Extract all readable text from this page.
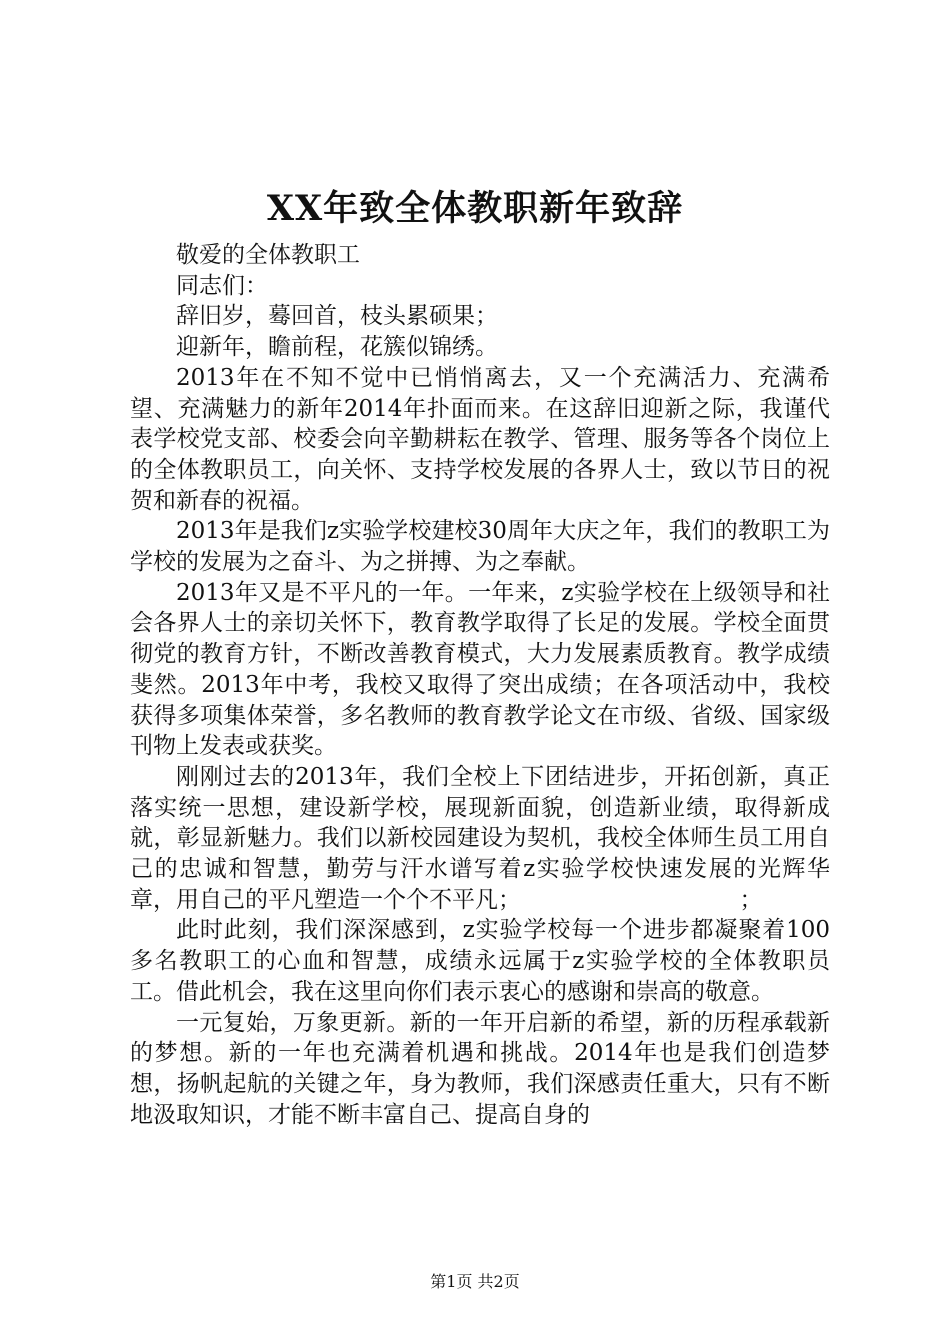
XX年致全体教职新年致辞

敬爱的全体教职工

同志们：

辞旧岁，蓦回首，枝头累硕果；

迎新年，瞻前程，花簇似锦绣。

2013年在不知不觉中已悄悄离去，又一个充满活力、充满希望、充满魅力的新年2014年扑面而来。在这辞旧迎新之际，我谨代表学校党支部、校委会向辛勤耕耘在教学、管理、服务等各个岗位上的全体教职员工，向关怀、支持学校发展的各界人士，致以节日的祝贺和新春的祝福。

2013年是我们z实验学校建校30周年大庆之年，我们的教职工为学校的发展为之奋斗、为之拼搏、为之奉献。

2013年又是不平凡的一年。一年来，z实验学校在上级领导和社会各界人士的亲切关怀下，教育教学取得了长足的发展。学校全面贯彻党的教育方针，不断改善教育模式，大力发展素质教育。教学成绩斐然。2013年中考，我校又取得了突出成绩；在各项活动中，我校获得多项集体荣誉，多名教师的教育教学论文在市级、省级、国家级刊物上发表或获奖。

刚刚过去的2013年，我们全校上下团结进步，开拓创新，真正落实统一思想，建设新学校，展现新面貌，创造新业绩，取得新成就，彰显新魅力。我们以新校园建设为契机，我校全体师生员工用自己的忠诚和智慧，勤劳与汗水谱写着z实验学校快速发展的光辉华章，用自己的平凡塑造一个个不平凡；　　　　　　　　　　；

此时此刻，我们深深感到，z实验学校每一个进步都凝聚着100多名教职工的心血和智慧，成绩永远属于z实验学校的全体教职员工。借此机会，我在这里向你们表示衷心的感谢和崇高的敬意。

一元复始，万象更新。新的一年开启新的希望，新的历程承载新的梦想。新的一年也充满着机遇和挑战。2014年也是我们创造梦想，扬帆起航的关键之年，身为教师，我们深感责任重大，只有不断地汲取知识，才能不断丰富自己、提高自身的

第1页 共2页
